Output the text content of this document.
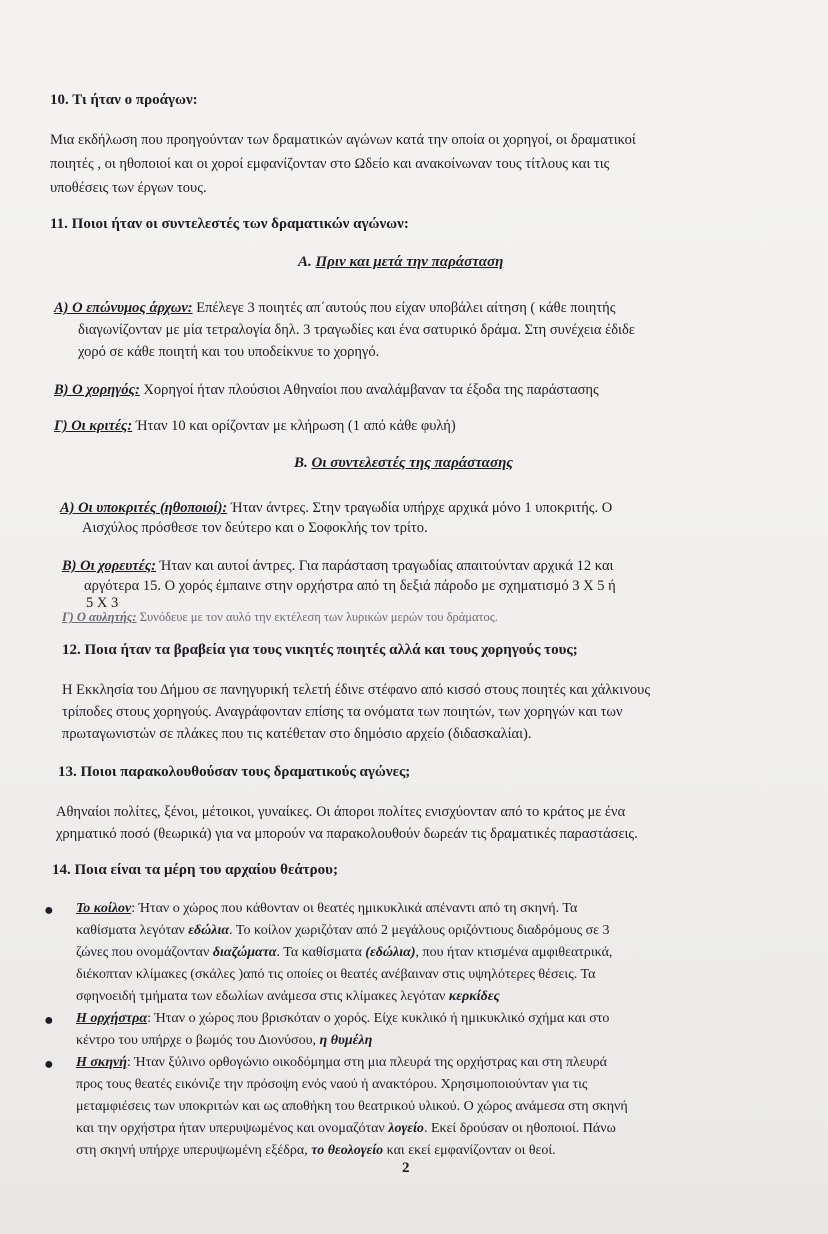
10. Τι ήταν ο προάγων:
Μια εκδήλωση που προηγούνταν των δραματικών αγώνων κατά την οποία οι χορηγοί, οι δραματικοί
ποιητές , οι ηθοποιοί και οι χοροί εμφανίζονταν στο Ωδείο και ανακοίνωναν τους τίτλους και τις
υποθέσεις των έργων τους.
11. Ποιοι ήταν οι συντελεστές των δραματικών αγώνων:
Α. Πριν και μετά την παράσταση
Α) Ο επώνυμος άρχων: Επέλεγε 3 ποιητές απ΄αυτούς που είχαν υποβάλει αίτηση ( κάθε ποιητής
διαγωνίζονταν με μία τετραλογία δηλ. 3 τραγωδίες και ένα σατυρικό δράμα. Στη συνέχεια έδιδε
χορό σε κάθε ποιητή και του υποδείκνυε το χορηγό.
Β) Ο χορηγός: Χορηγοί ήταν πλούσιοι Αθηναίοι που αναλάμβαναν τα έξοδα της παράστασης
Γ) Οι κριτές: Ήταν 10 και ορίζονταν με κλήρωση (1 από κάθε φυλή)
Β. Οι συντελεστές της παράστασης
Α) Οι υποκριτές (ηθοποιοί): Ήταν άντρες. Στην τραγωδία υπήρχε αρχικά μόνο 1 υποκριτής. Ο
Αισχύλος πρόσθεσε τον δεύτερο και ο Σοφοκλής τον τρίτο.
Β) Οι χορευτές: Ήταν και αυτοί άντρες. Για παράσταση τραγωδίας απαιτούνταν αρχικά 12 και
αργότερα 15. Ο χορός έμπαινε στην ορχήστρα από τη δεξιά πάροδο με σχηματισμό 3 Χ 5 ή
5 Χ 3
Γ) Ο αυλητής: Συνόδευε με τον αυλό την εκτέλεση των λυρικών μερών του δράματος.
12. Ποια ήταν τα βραβεία για τους νικητές ποιητές αλλά και τους χορηγούς τους;
Η Εκκλησία του Δήμου σε πανηγυρική τελετή έδινε στέφανο από κισσό στους ποιητές και χάλκινους
τρίποδες στους χορηγούς. Αναγράφονταν επίσης τα ονόματα των ποιητών, των χορηγών και των
πρωταγωνιστών σε πλάκες που τις κατέθεταν στο δημόσιο αρχείο (διδασκαλίαι).
13. Ποιοι παρακολουθούσαν τους δραματικούς αγώνες;
Αθηναίοι πολίτες, ξένοι, μέτοικοι, γυναίκες. Οι άποροι πολίτες ενισχύονταν από το κράτος με ένα
χρηματικό ποσό (θεωρικά) για να μπορούν να παρακολουθούν δωρεάν τις δραματικές παραστάσεις.
14. Ποια είναι τα μέρη του αρχαίου θεάτρου;
● Το κοίλον: Ήταν ο χώρος που κάθονταν οι θεατές ημικυκλικά απέναντι από τη σκηνή. Τα
καθίσματα λεγόταν εδώλια. Το κοίλον χωριζόταν από 2 μεγάλους οριζόντιους διαδρόμους σε 3
ζώνες που ονομάζονταν διαζώματα. Τα καθίσματα (εδώλια), που ήταν κτισμένα αμφιθεατρικά,
διέκοπταν κλίμακες (σκάλες )από τις οποίες οι θεατές ανέβαιναν στις υψηλότερες θέσεις. Τα
σφηνοειδή τμήματα των εδωλίων ανάμεσα στις κλίμακες λεγόταν κερκίδες
● Η ορχήστρα: Ήταν ο χώρος που βρισκόταν ο χορός. Είχε κυκλικό ή ημικυκλικό σχήμα και στο
κέντρο του υπήρχε ο βωμός του Διονύσου, η θυμέλη
● Η σκηνή: Ήταν ξύλινο ορθογώνιο οικοδόμημα στη μια πλευρά της ορχήστρας και στη πλευρά
προς τους θεατές εικόνιζε την πρόσοψη ενός ναού ή ανακτόρου. Χρησιμοποιούνταν για τις
μεταμφιέσεις των υποκριτών και ως αποθήκη του θεατρικού υλικού. Ο χώρος ανάμεσα στη σκηνή
και την ορχήστρα ήταν υπερυψωμένος και ονομαζόταν λογείο. Εκεί δρούσαν οι ηθοποιοί. Πάνω
στη σκηνή υπήρχε υπερυψωμένη εξέδρα, το θεολογείο και εκεί εμφανίζονταν οι θεοί.
2
